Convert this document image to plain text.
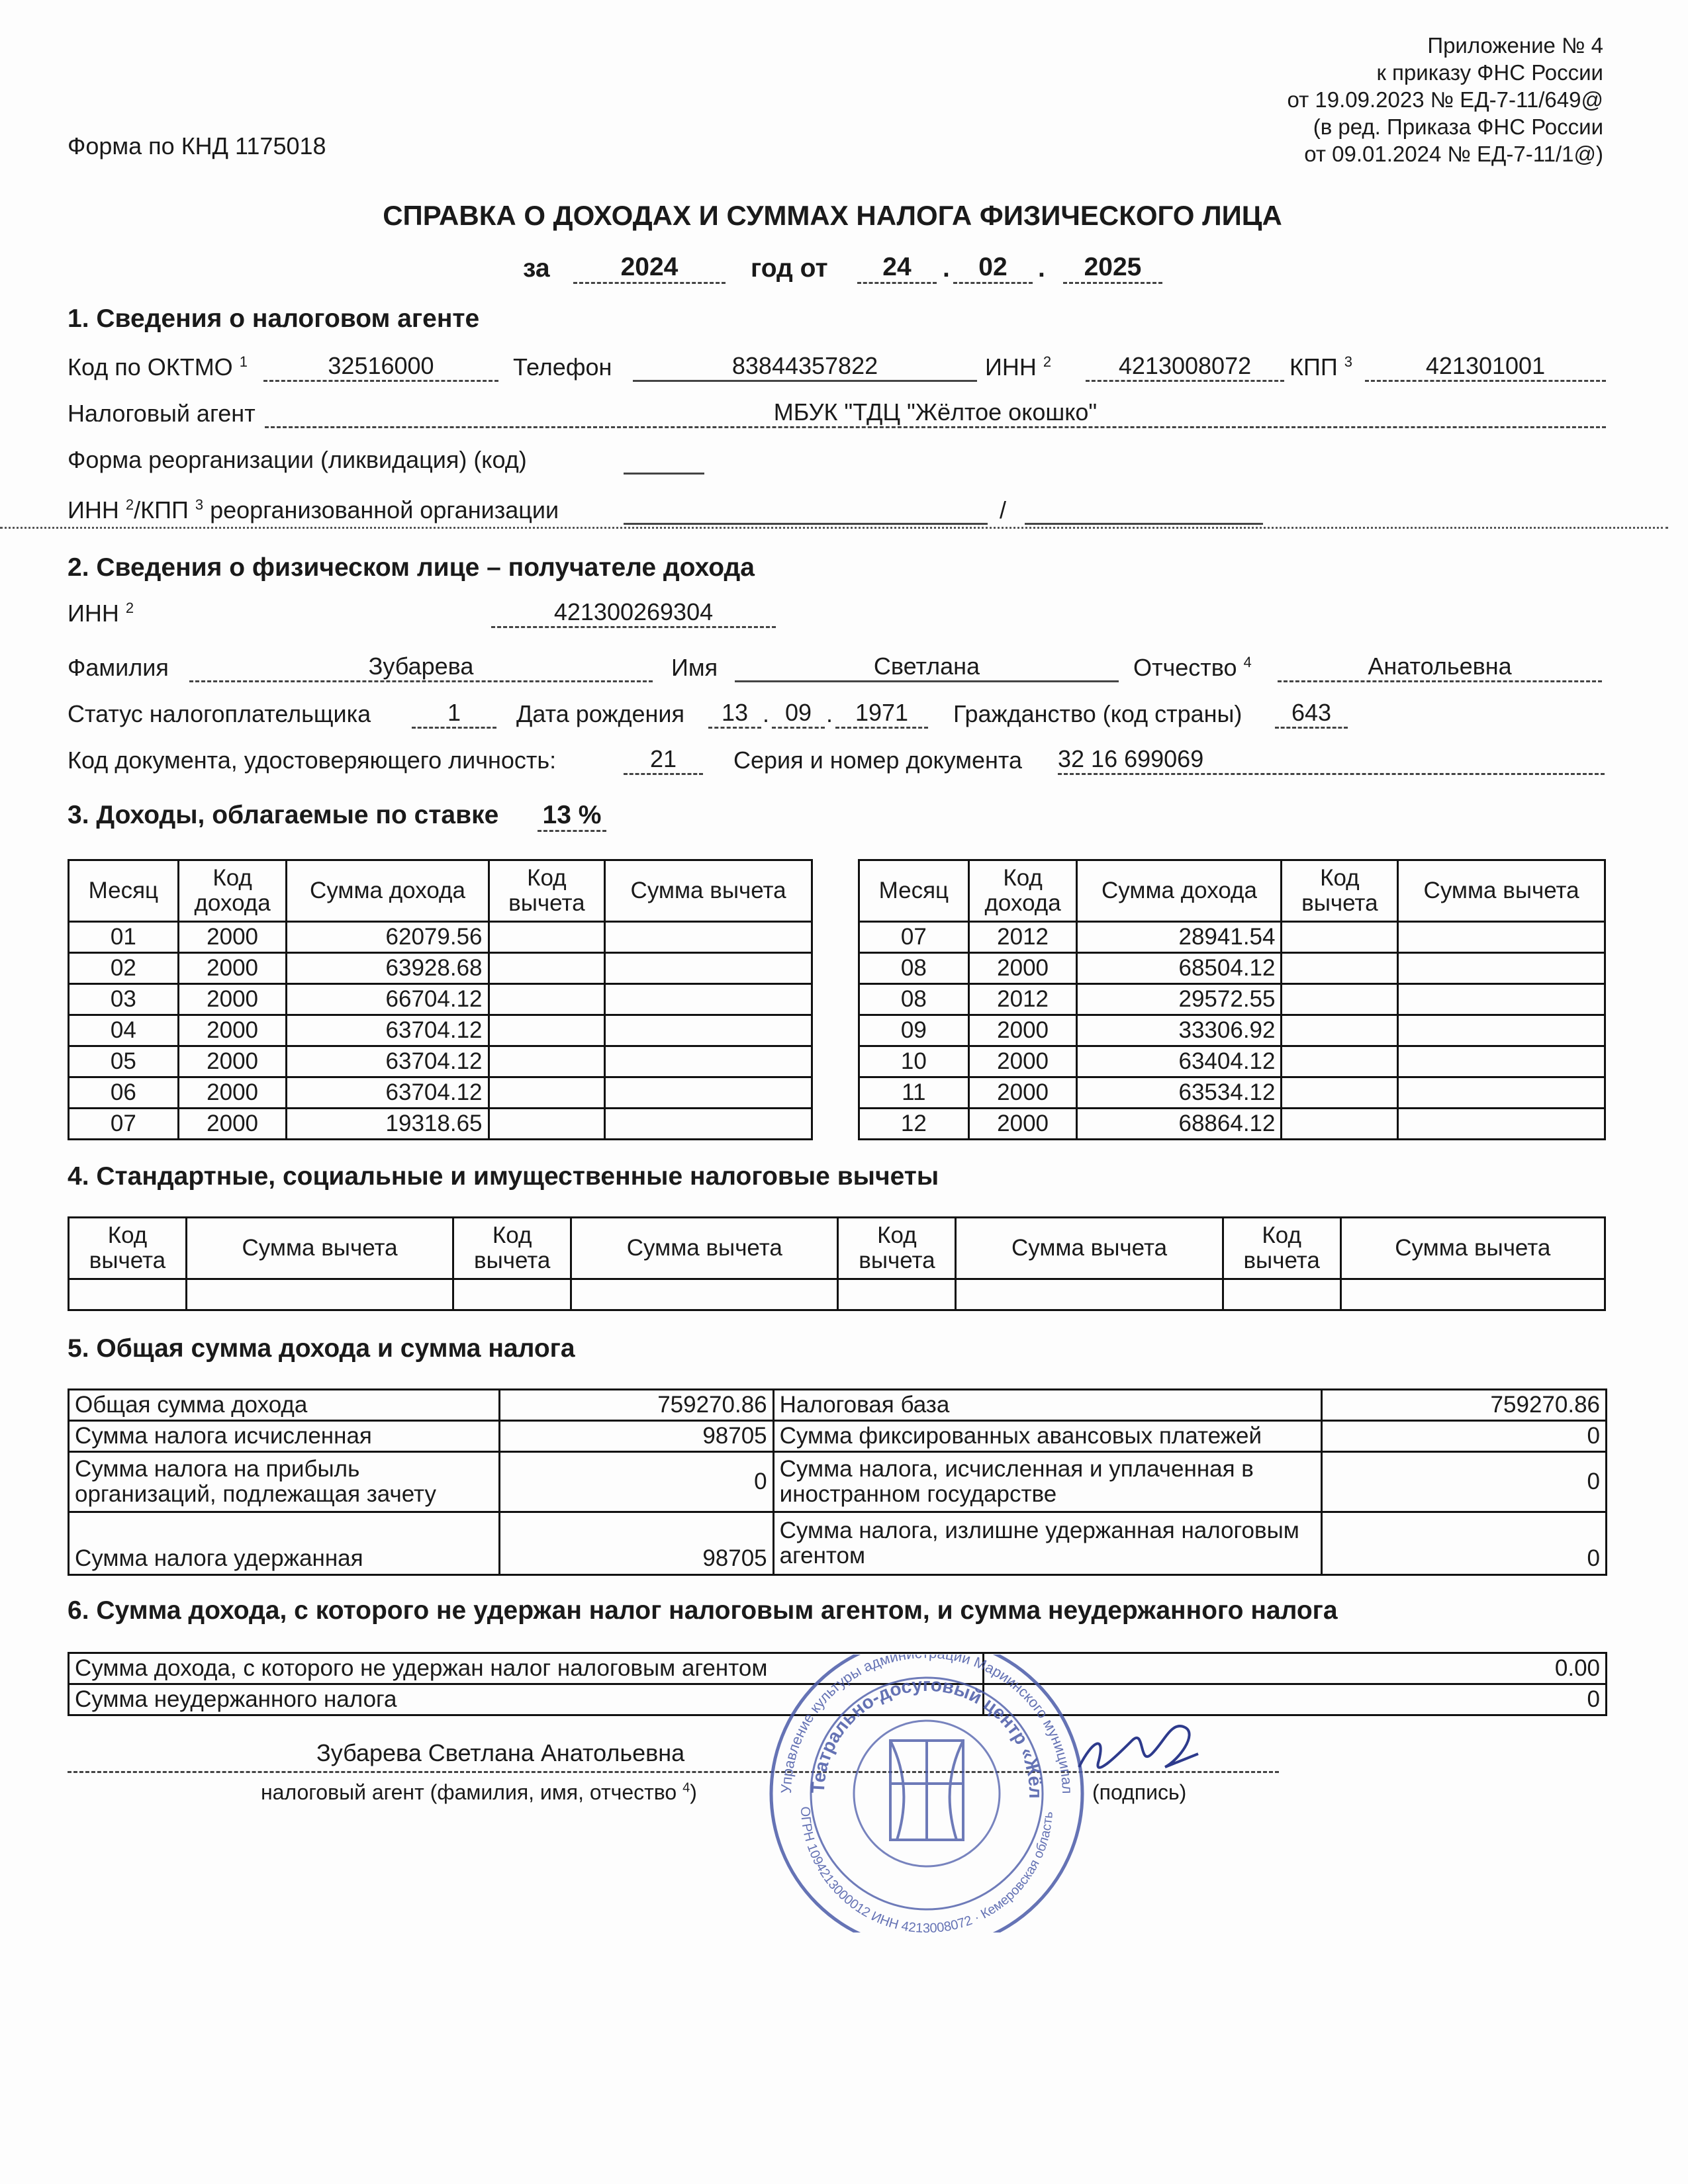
Форма по КНД 1175018
Приложение № 4
к приказу ФНС России
от 19.09.2023 № ЕД-7-11/649@
(в ред. Приказа ФНС России
от 09.01.2024 № ЕД-7-11/1@)
СПРАВКА О ДОХОДАХ И СУММАХ НАЛОГА ФИЗИЧЕСКОГО ЛИЦА
за	2024	год от	24	.	02	.	2025
1. Сведения о налоговом агенте
Код по ОКТМО $^1$	32516000	Телефон	83844357822	ИНН $^2$	4213008072	КПП $^3$	421301001
Налоговый агент	МБУК "ТДЦ "Жёлтое окошко"
Форма реорганизации (ликвидация) (код)
ИНН $^2$/КПП $^3$ реорганизованной организации	/
2. Сведения о физическом лице – получателе дохода
ИНН $^2$	421300269304
Фамилия	Зубарева	Имя	Светлана	Отчество $^4$	Анатольевна
Статус налогоплательщика	1	Дата рождения	13 . 09 . 1971	Гражданство (код страны)	643
Код документа, удостоверяющего личность:	21	Серия и номер документа 32 16 699069
3. Доходы, облагаемые по ставке 13 %
Месяц	Код дохода	Сумма дохода	Код вычета	Сумма вычета
01	2000	62079.56		
02	2000	63928.68		
03	2000	66704.12		
04	2000	63704.12		
05	2000	63704.12		
06	2000	63704.12		
07	2000	19318.65		
Месяц	Код дохода	Сумма дохода	Код вычета	Сумма вычета
07	2012	28941.54		
08	2000	68504.12		
08	2012	29572.55		
09	2000	33306.92		
10	2000	63404.12		
11	2000	63534.12		
12	2000	68864.12		
4. Стандартные, социальные и имущественные налоговые вычеты
Код вычета	Сумма вычета	Код вычета	Сумма вычета	Код вычета	Сумма вычета	Код вычета	Сумма вычета

5. Общая сумма дохода и сумма налога
Общая сумма дохода	759270.86	Налоговая база	759270.86
Сумма налога исчисленная	98705	Сумма фиксированных авансовых платежей	0
Сумма налога на прибыль организаций, подлежащая зачету	0	Сумма налога, исчисленная и уплаченная в иностранном государстве	0
Сумма налога удержанная	98705	Сумма налога, излишне удержанная налоговым агентом	0
6. Сумма дохода, с которого не удержан налог налоговым агентом, и сумма неудержанного налога
Сумма дохода, с которого не удержан налог налоговым агентом	0.00
Сумма неудержанного налога	0
Зубарева Светлана Анатольевна
налоговый агент (фамилия, имя, отчество $^4$)	(подпись)
Управление культуры админ ции Мариинского муниципал
Театрально-досуговый центр «Жёл
ОГРН 1094213000012 ИНН 4213008072 · Кемеровская область
